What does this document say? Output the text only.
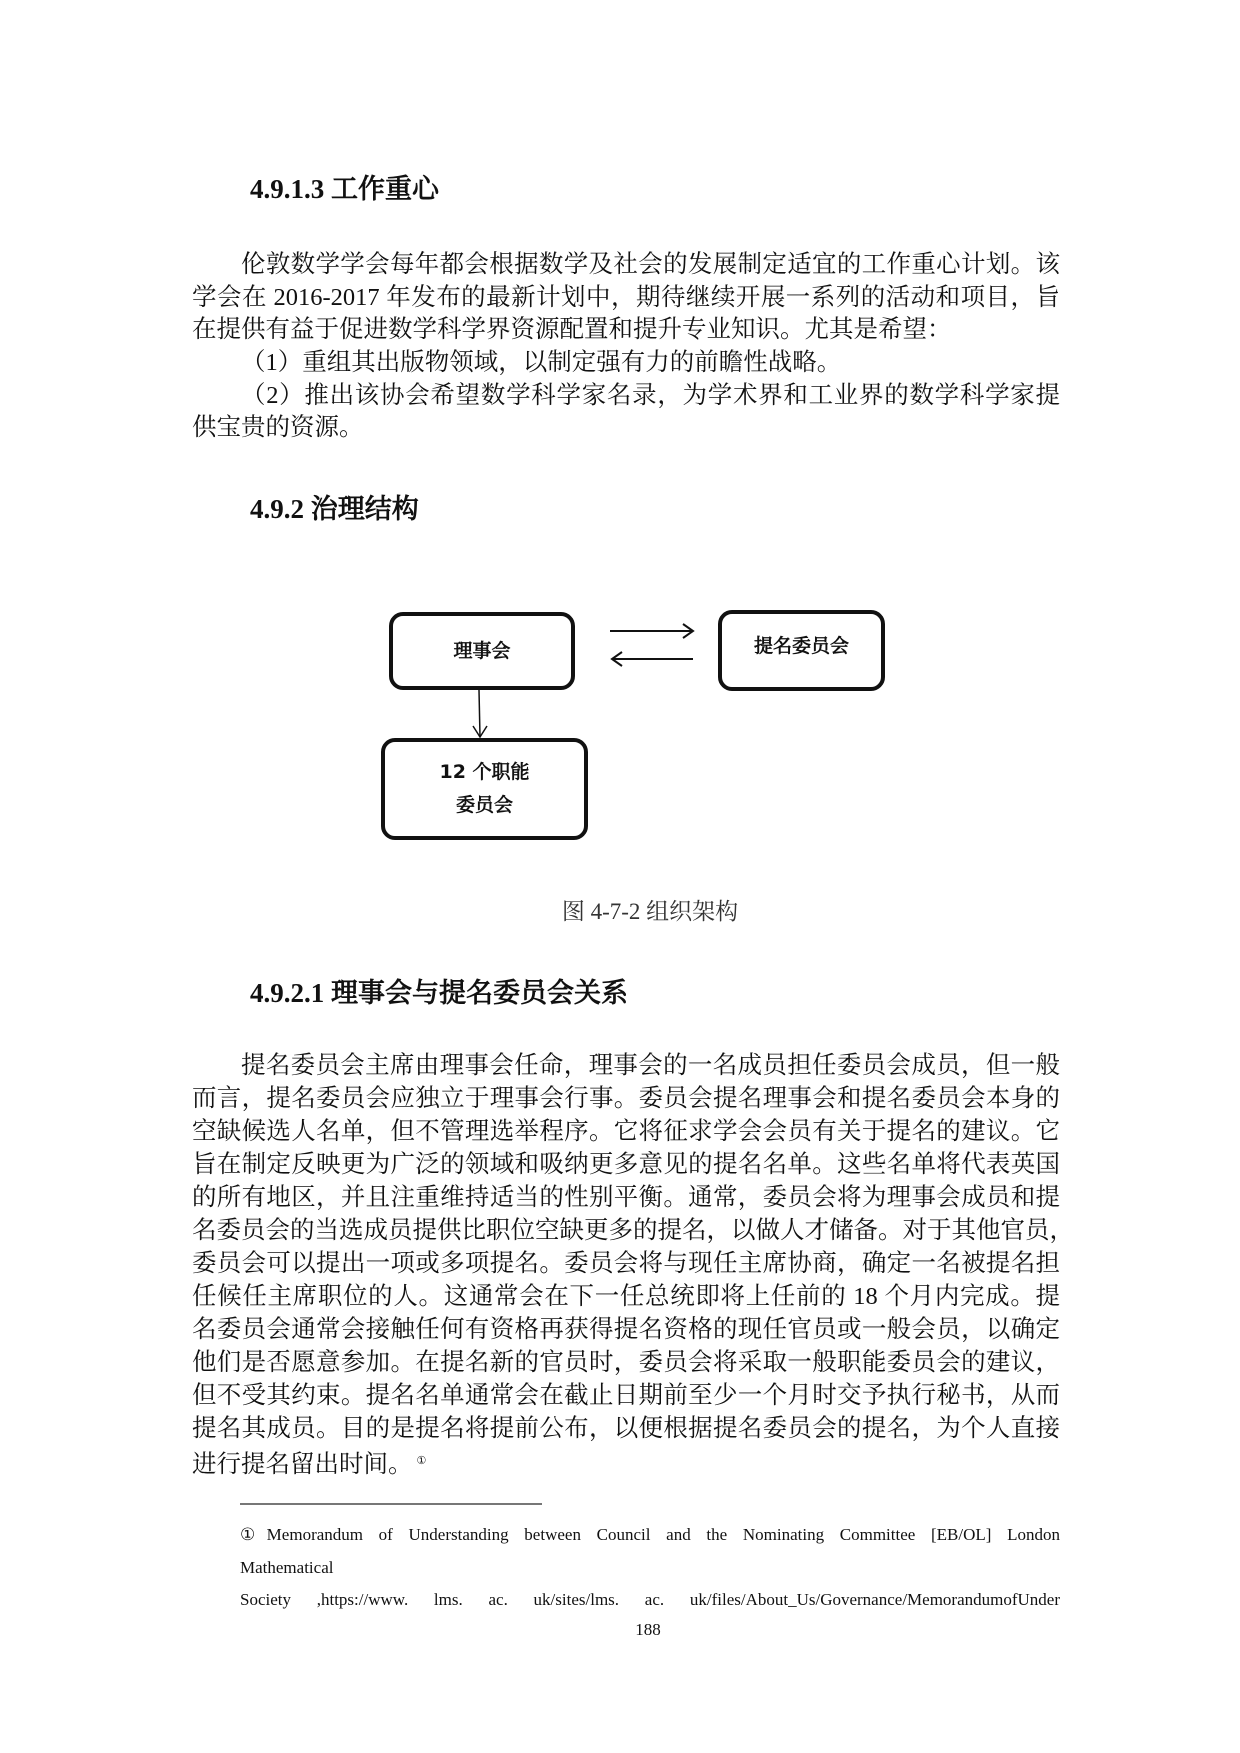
4.9.1.3 工作重心
伦敦数学学会每年都会根据数学及社会的发展制定适宜的工作重心计划。该
学会在 2016-2017 年发布的最新计划中，期待继续开展一系列的活动和项目，旨
在提供有益于促进数学科学界资源配置和提升专业知识。尤其是希望：
（1）重组其出版物领域，以制定强有力的前瞻性战略。
（2）推出该协会希望数学科学家名录，为学术界和工业界的数学科学家提
供宝贵的资源。
4.9.2 治理结构
理事会	提名委员会
12 个职能
委员会
图 4-7-2 组织架构
4.9.2.1 理事会与提名委员会关系
提名委员会主席由理事会任命，理事会的一名成员担任委员会成员，但一般
而言，提名委员会应独立于理事会行事。委员会提名理事会和提名委员会本身的
空缺候选人名单，但不管理选举程序。它将征求学会会员有关于提名的建议。它
旨在制定反映更为广泛的领域和吸纳更多意见的提名名单。这些名单将代表英国
的所有地区，并且注重维持适当的性别平衡。通常，委员会将为理事会成员和提
名委员会的当选成员提供比职位空缺更多的提名，以做人才储备。对于其他官员，
委员会可以提出一项或多项提名。委员会将与现任主席协商，确定一名被提名担
任候任主席职位的人。这通常会在下一任总统即将上任前的 18 个月内完成。提
名委员会通常会接触任何有资格再获得提名资格的现任官员或一般会员，以确定
他们是否愿意参加。在提名新的官员时，委员会将采取一般职能委员会的建议，
但不受其约束。提名名单通常会在截止日期前至少一个月时交予执行秘书，从而
提名其成员。目的是提名将提前公布，以便根据提名委员会的提名，为个人直接
进行提名留出时间。 ①
①Memorandum of Understanding between Council and the Nominating Committee [EB/OL] London
Mathematical
Society ,https://www. lms. ac. uk/sites/lms. ac. uk/files/About_Us/Governance/MemorandumofUnder
188
